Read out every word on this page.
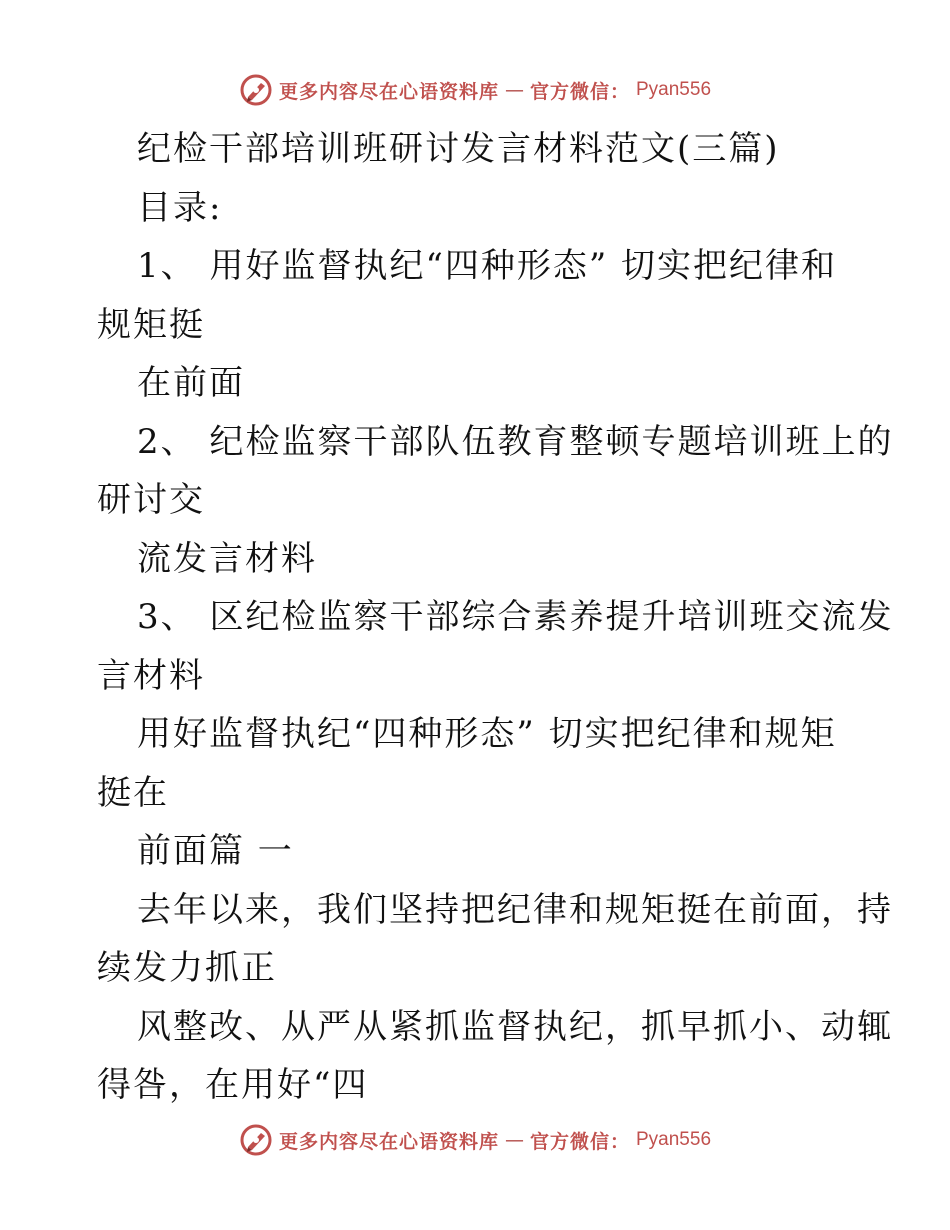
更多内容尽在心语资料库 — 官方微信： Pyan556
纪检干部培训班研讨发言材料范文(三篇)
目录:
1、 用好监督执纪“四种形态” 切实把纪律和
规矩挺
在前面
2、 纪检监察干部队伍教育整顿专题培训班上的
研讨交
流发言材料
3、 区纪检监察干部综合素养提升培训班交流发
言材料
用好监督执纪“四种形态” 切实把纪律和规矩
挺在
前面篇 一
去年以来，我们坚持把纪律和规矩挺在前面，持
续发力抓正
风整改、从严从紧抓监督执纪，抓早抓小、动辄
得咎，在用好“四
更多内容尽在心语资料库 — 官方微信： Pyan556
